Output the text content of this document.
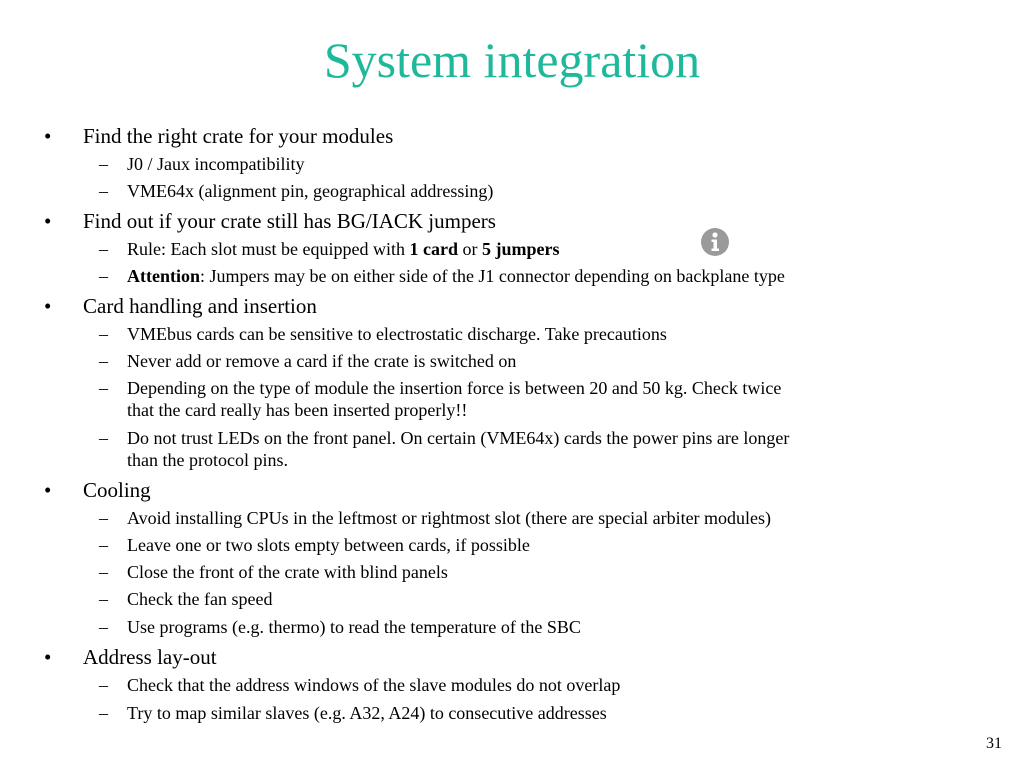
System integration

• Find the right crate for your modules

– J0 / Jaux incompatibility

– VME64x (alignment pin, geographical addressing)

• Find out if your crate still has BG/IACK jumpers

– Rule: Each slot must be equipped with 1 card or 5 jumpers

– Attention: Jumpers may be on either side of the J1 connector depending on backplane type

• Card handling and insertion

– VMEbus cards can be sensitive to electrostatic discharge. Take precautions

– Never add or remove a card if the crate is switched on

– Depending on the type of module the insertion force is between 20 and 50 kg. Check twice

that the card really has been inserted properly!!

– Do not trust LEDs on the front panel. On certain (VME64x) cards the power pins are longer

than the protocol pins.

• Cooling

– Avoid installing CPUs in the leftmost or rightmost slot (there are special arbiter modules)

– Leave one or two slots empty between cards, if possible

– Close the front of the crate with blind panels

– Check the fan speed

– Use programs (e.g. thermo) to read the temperature of the SBC

• Address lay-out

– Check that the address windows of the slave modules do not overlap

– Try to map similar slaves (e.g. A32, A24) to consecutive addresses

31
